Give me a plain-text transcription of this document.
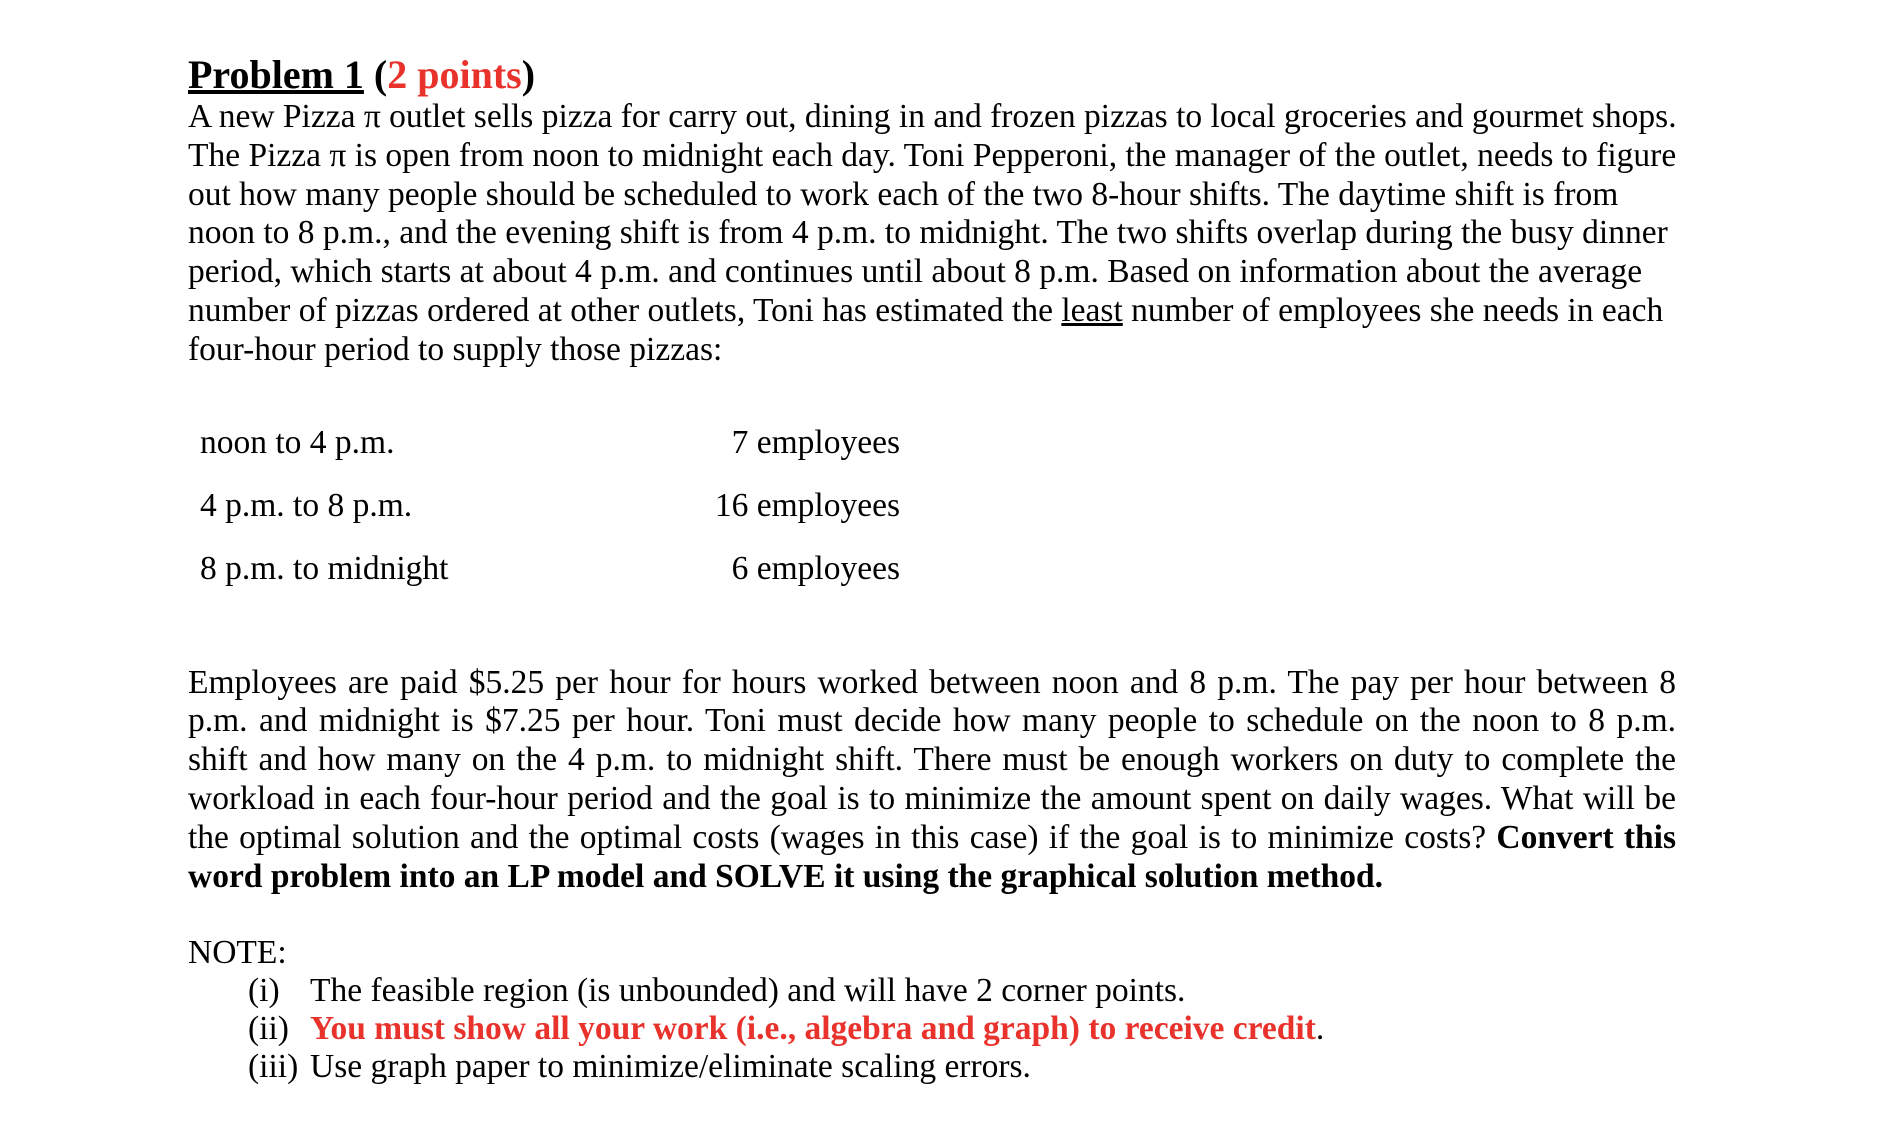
Problem 1 (2 points)

A new Pizza π outlet sells pizza for carry out, dining in and frozen pizzas to local groceries and gourmet shops. The Pizza π is open from noon to midnight each day. Toni Pepperoni, the manager of the outlet, needs to figure out how many people should be scheduled to work each of the two 8-hour shifts. The daytime shift is from noon to 8 p.m., and the evening shift is from 4 p.m. to midnight. The two shifts overlap during the busy dinner period, which starts at about 4 p.m. and continues until about 8 p.m. Based on information about the average number of pizzas ordered at other outlets, Toni has estimated the least number of employees she needs in each four-hour period to supply those pizzas:

noon to 4 p.m.	7 employees
4 p.m. to 8 p.m.	16 employees
8 p.m. to midnight	6 employees

Employees are paid $5.25 per hour for hours worked between noon and 8 p.m. The pay per hour between 8 p.m. and midnight is $7.25 per hour. Toni must decide how many people to schedule on the noon to 8 p.m. shift and how many on the 4 p.m. to midnight shift. There must be enough workers on duty to complete the workload in each four-hour period and the goal is to minimize the amount spent on daily wages. What will be the optimal solution and the optimal costs (wages in this case) if the goal is to minimize costs? Convert this word problem into an LP model and SOLVE it using the graphical solution method.

NOTE:
(i) The feasible region (is unbounded) and will have 2 corner points.
(ii) You must show all your work (i.e., algebra and graph) to receive credit.
(iii) Use graph paper to minimize/eliminate scaling errors.
